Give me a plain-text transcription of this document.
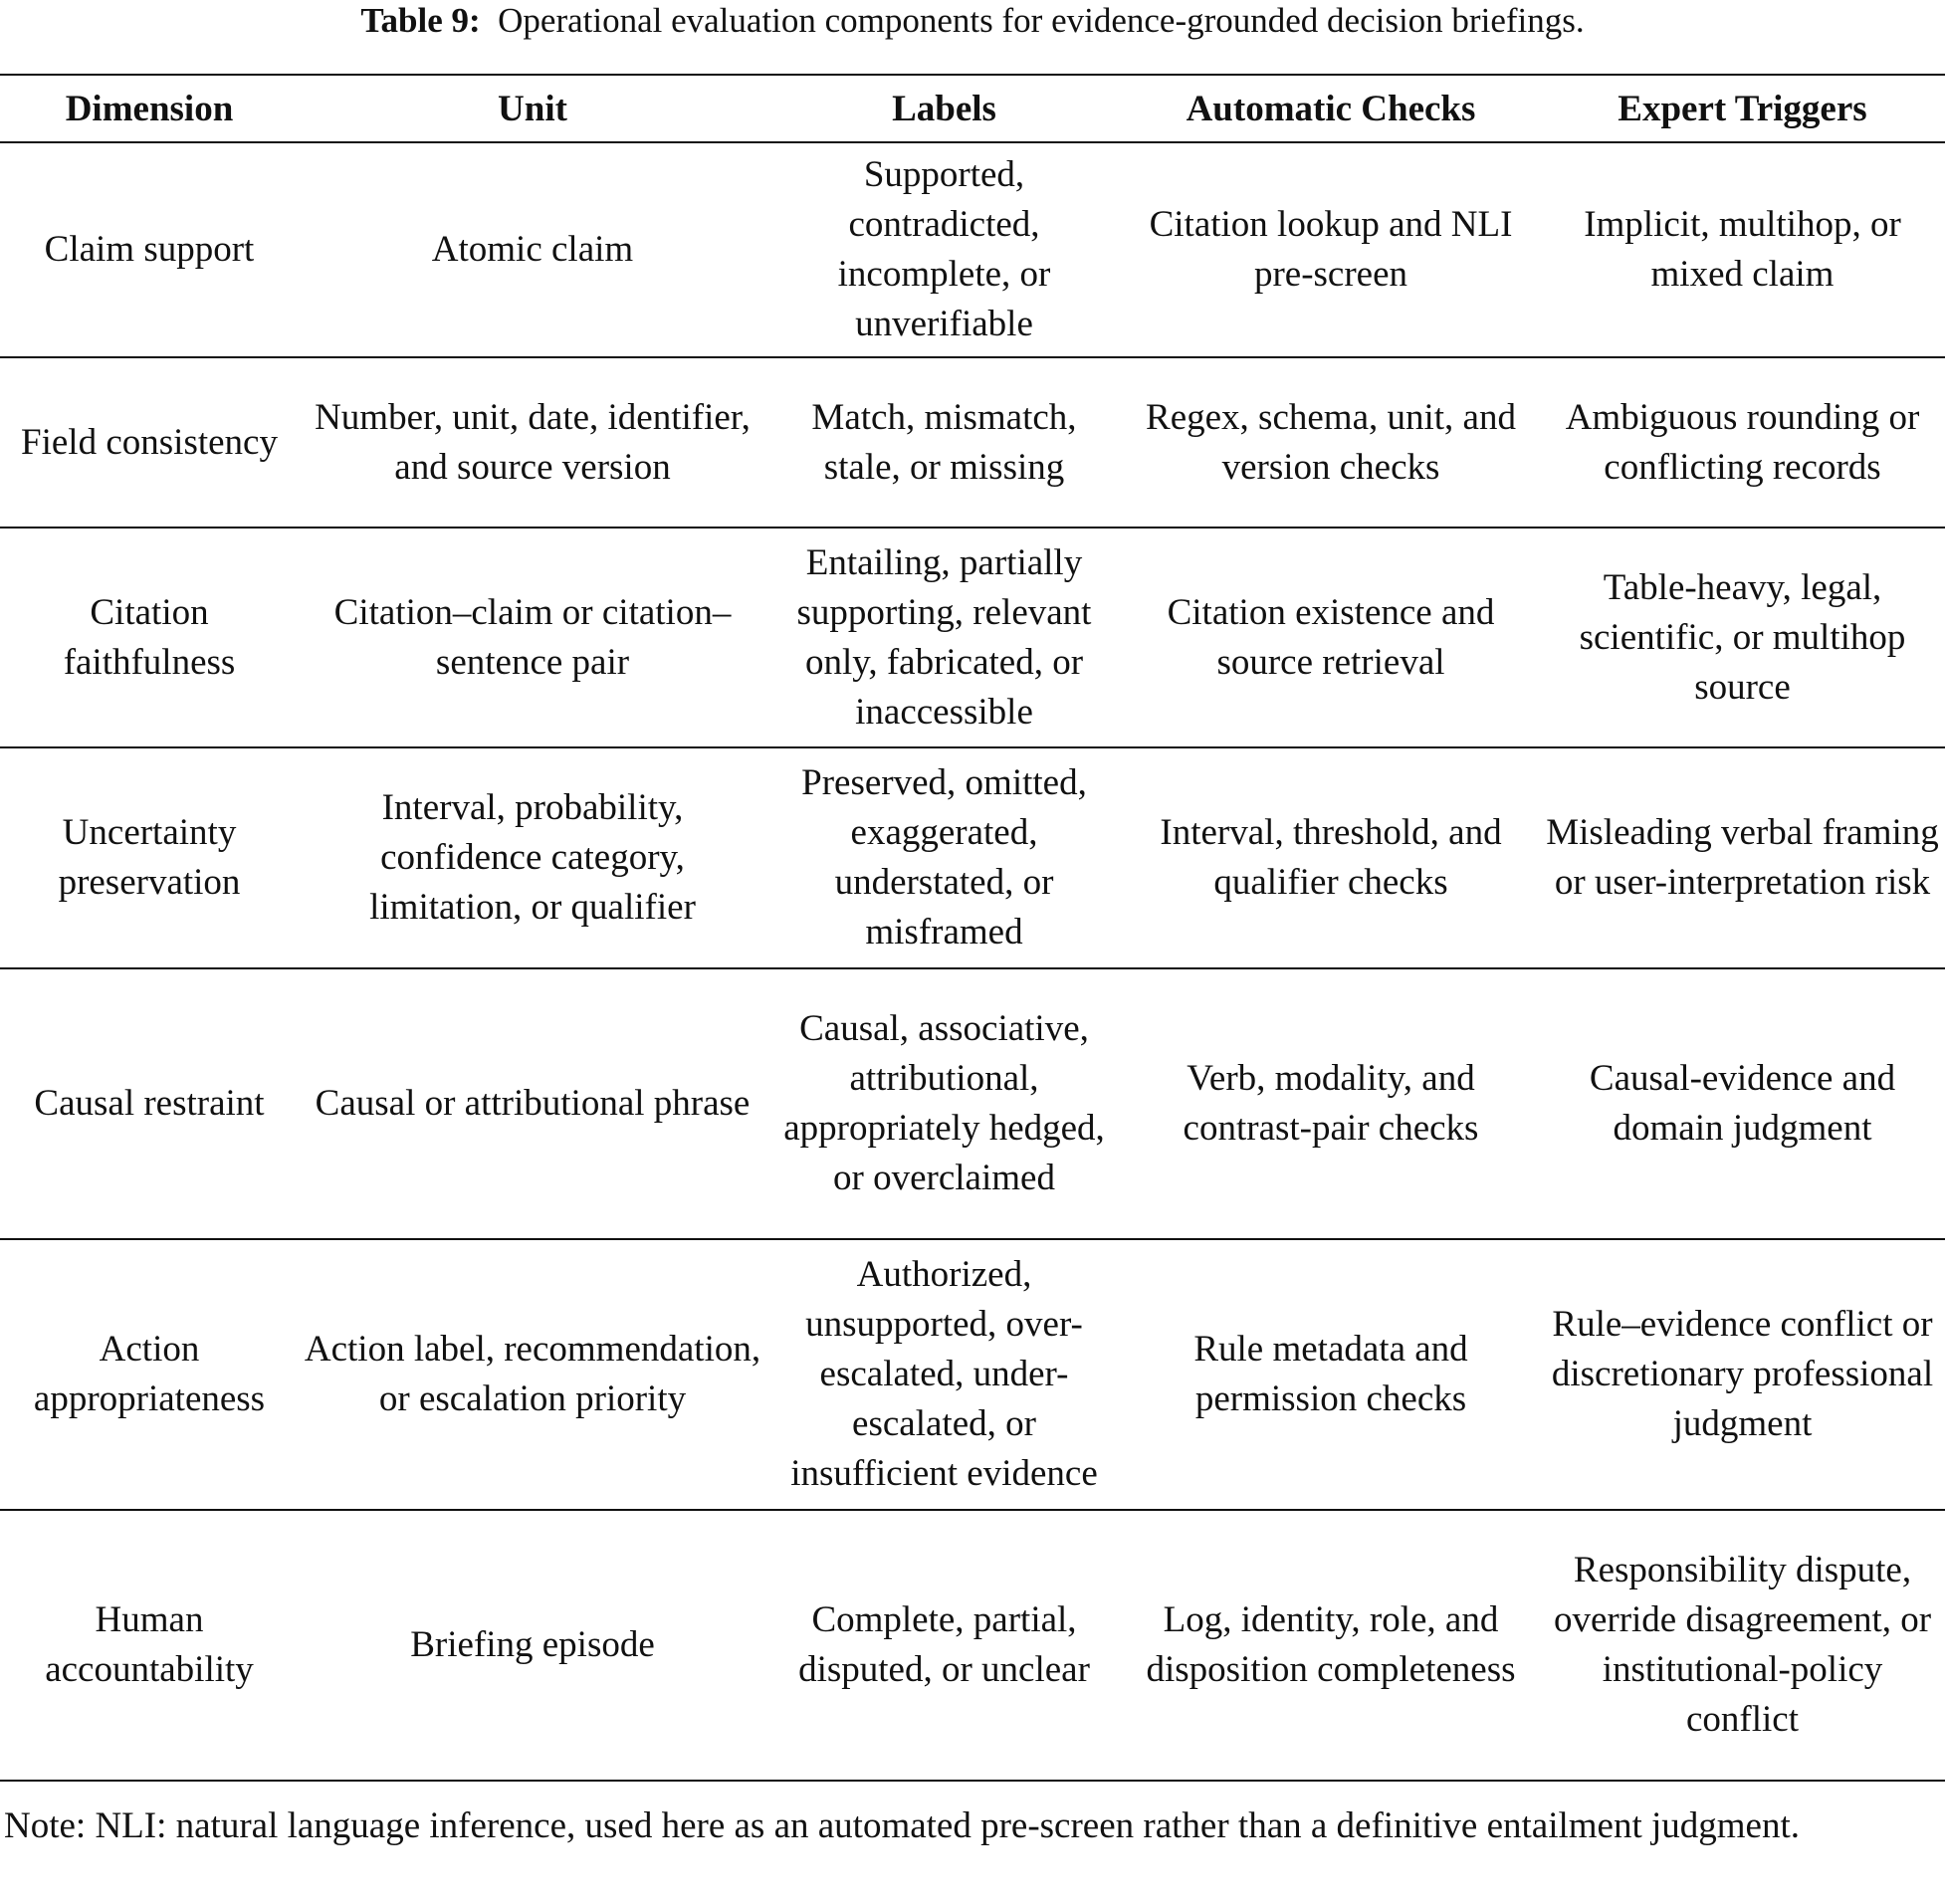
Table 9: Operational evaluation components for evidence-grounded decision briefings.
Dimension	Unit	Labels	Automatic Checks	Expert Triggers
Claim support	Atomic claim	Supported, contradicted, incomplete, or unverifiable	Citation lookup and NLI pre-screen	Implicit, multihop, or mixed claim
Field consistency	Number, unit, date, identifier, and source version	Match, mismatch, stale, or missing	Regex, schema, unit, and version checks	Ambiguous rounding or conflicting records
Citation faithfulness	Citation–claim or citation–sentence pair	Entailing, partially supporting, relevant only, fabricated, or inaccessible	Citation existence and source retrieval	Table-heavy, legal, scientific, or multihop source
Uncertainty preservation	Interval, probability, confidence category, limitation, or qualifier	Preserved, omitted, exaggerated, understated, or misframed	Interval, threshold, and qualifier checks	Misleading verbal framing or user-interpretation risk
Causal restraint	Causal or attributional phrase	Causal, associative, attributional, appropriately hedged, or overclaimed	Verb, modality, and contrast-pair checks	Causal-evidence and domain judgment
Action appropriateness	Action label, recommendation, or escalation priority	Authorized, unsupported, over-escalated, under-escalated, or insufficient evidence	Rule metadata and permission checks	Rule–evidence conflict or discretionary professional judgment
Human accountability	Briefing episode	Complete, partial, disputed, or unclear	Log, identity, role, and disposition completeness	Responsibility dispute, override disagreement, or institutional-policy conflict
Note: NLI: natural language inference, used here as an automated pre-screen rather than a definitive entailment judgment.
